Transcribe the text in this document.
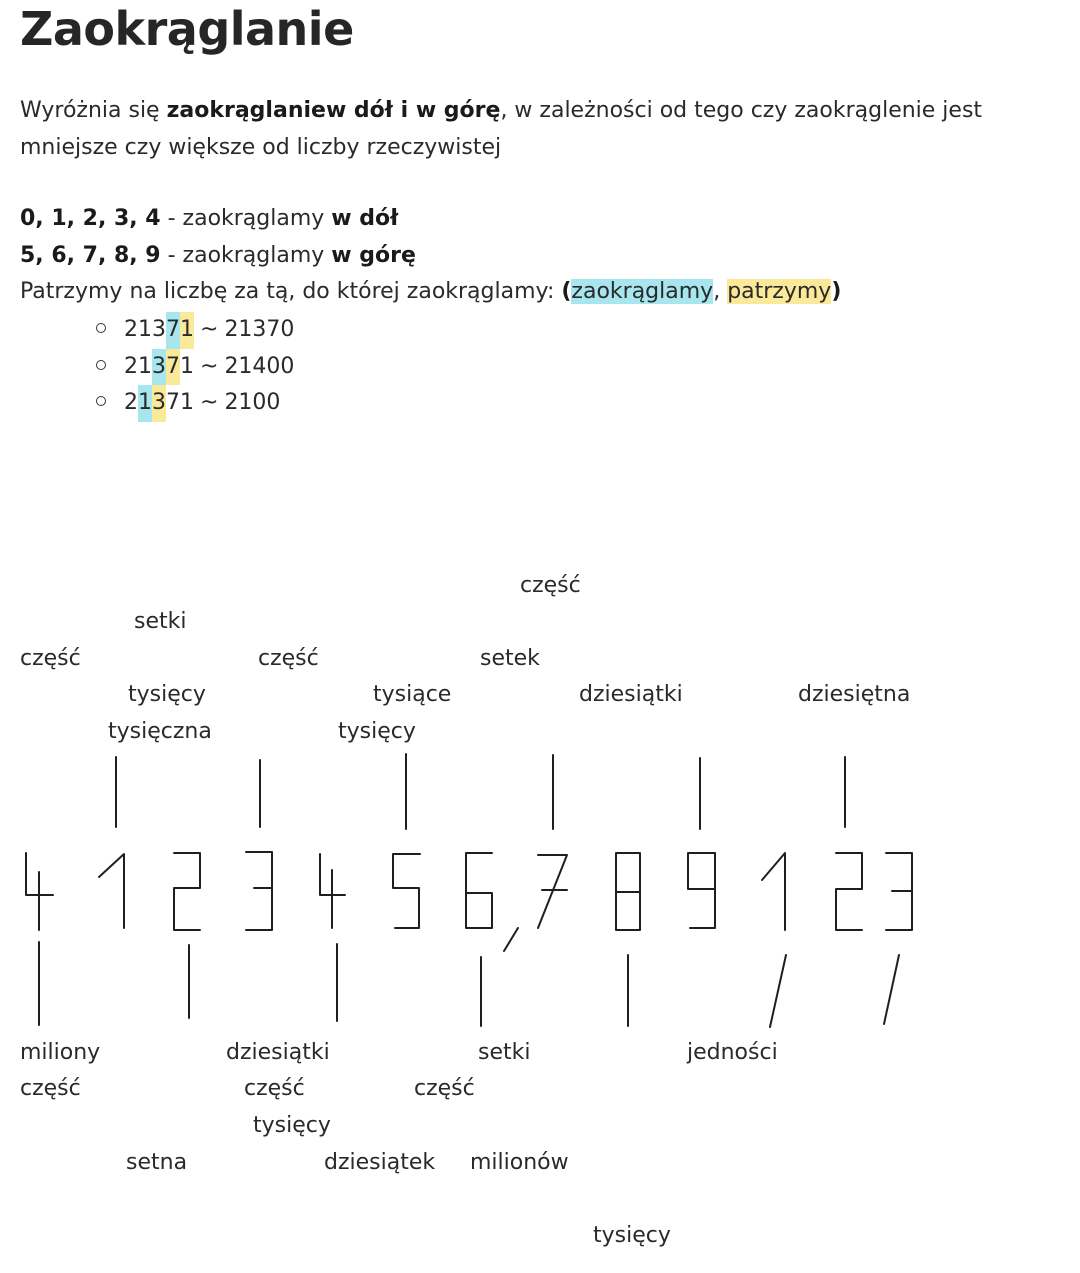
Zaokrąglanie
Wyróżnia się zaokrąglaniew dół i w górę, w zależności od tego czy zaokrąglenie jest mniejsze czy większe od liczby rzeczywistej
0, 1, 2, 3, 4 - zaokrąglamy w dół
5, 6, 7, 8, 9 - zaokrąglamy w górę
Patrzymy na liczbę za tą, do której zaokrąglamy: (zaokrąglamy, patrzymy)
21371 ~ 21370
21371 ~ 21400
21371 ~ 2100
część
setki
część	część	setek
tysięcy	tysiące	dziesiątki	dziesiętna
tysięczna	tysięcy
miliony	dziesiątki	setki	jedności
część	część	część
tysięcy
setna	dziesiątek milionów
tysięcy
